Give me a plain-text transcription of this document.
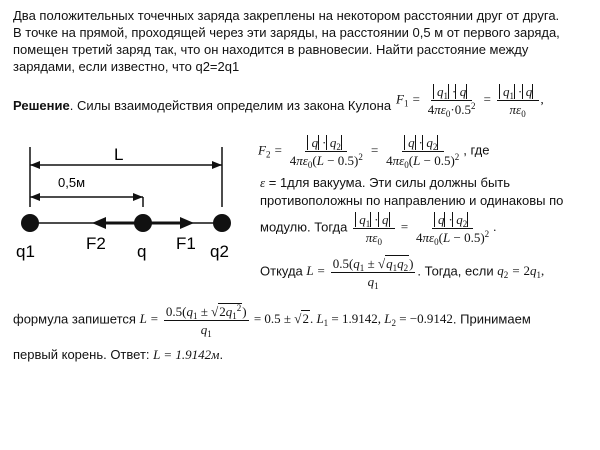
Два положительных точечных заряда закреплены на некотором расстоянии друг от друга.
В точке на прямой, проходящей через эти заряды, на расстоянии 0,5 м от первого заряда,
помещен третий заряд так, что он находится в равновесии. Найти расстояние между
зарядами, если известно, что q2=2q1
Решение. Силы взаимодействия определим из закона Кулона $F_1 = \frac{q_1 \cdot q}{4\pi\varepsilon_0\cdot 0.5^2} = \frac{q_1 \cdot q}{\pi\varepsilon_0}$ ,
L
0,5м
q1	q	q2
F2	F1
$F_2 = \frac{q \cdot q_2}{4\pi\varepsilon_0(L - 0.5)^2} = \frac{q \cdot q_2}{4\pi\varepsilon_0(L - 0.5)^2}$ , где
ε = 1для вакуума. Эти силы должны быть
противоположны по направлению и одинаковы по
модулю. Тогда $\frac{q_1 \cdot q}{\pi\varepsilon_0} = \frac{q \cdot q_2}{4\pi\varepsilon_0(L - 0.5)^2}$ .
Откуда $L = \frac{0.5(q_1 \pm √q_1q_2)}{q_1}$ . Тогда, если $q_2 = 2q_1$,
формула запишется $L = \frac{0.5(q_1 \pm √2q_1^2)}{q_1} = 0.5 \pm √2$. $L_1 = 1.9142$, $L_2 = -0.9142$. Принимаем
первый корень. Ответ: L = 1.9142м.
